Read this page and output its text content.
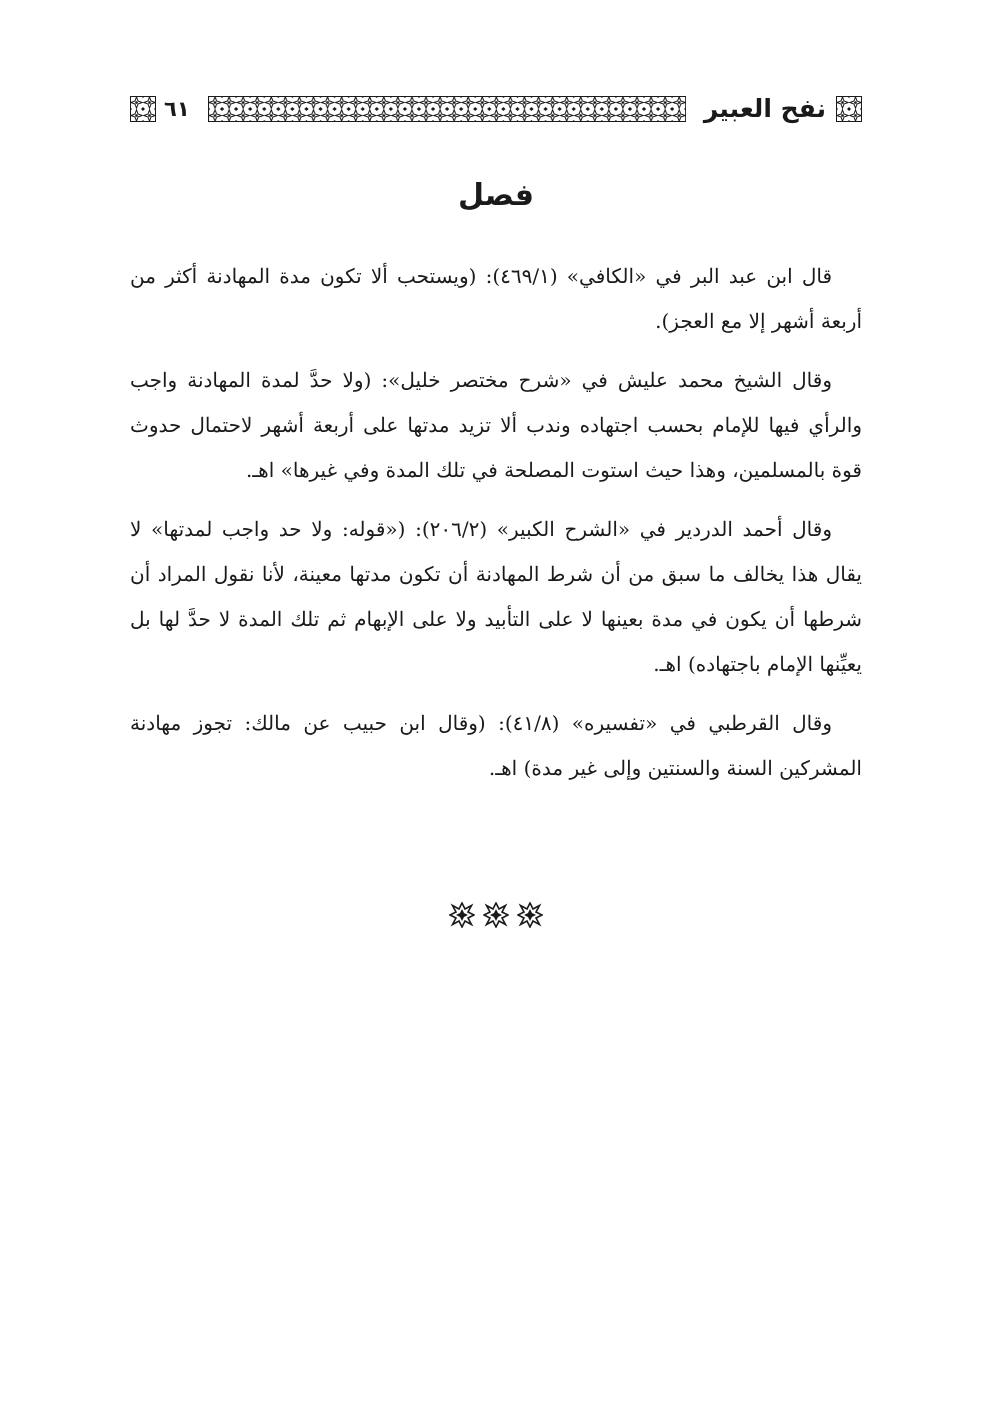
نفح العبير
٦١
فصل

قال ابن عبد البر في «الكافي» (٤٦٩/١): (ويستحب ألا تكون مدة المهادنة أكثر من أربعة أشهر إلا مع العجز).

وقال الشيخ محمد عليش في «شرح مختصر خليل»: (ولا حدَّ لمدة المهادنة واجب والرأي فيها للإمام بحسب اجتهاده وندب ألا تزيد مدتها على أربعة أشهر لاحتمال حدوث قوة بالمسلمين، وهذا حيث استوت المصلحة في تلك المدة وفي غيرها» اهـ.

وقال أحمد الدردير في «الشرح الكبير» (٢٠٦/٢): («قوله: ولا حد واجب لمدتها» لا يقال هذا يخالف ما سبق من أن شرط المهادنة أن تكون مدتها معينة، لأنا نقول المراد أن شرطها أن يكون في مدة بعينها لا على التأبيد ولا على الإبهام ثم تلك المدة لا حدَّ لها بل يعيِّنها الإمام باجتهاده) اهـ.

وقال القرطبي في «تفسيره» (٤١/٨): (وقال ابن حبيب عن مالك: تجوز مهادنة المشركين السنة والسنتين وإلى غير مدة) اهـ.
